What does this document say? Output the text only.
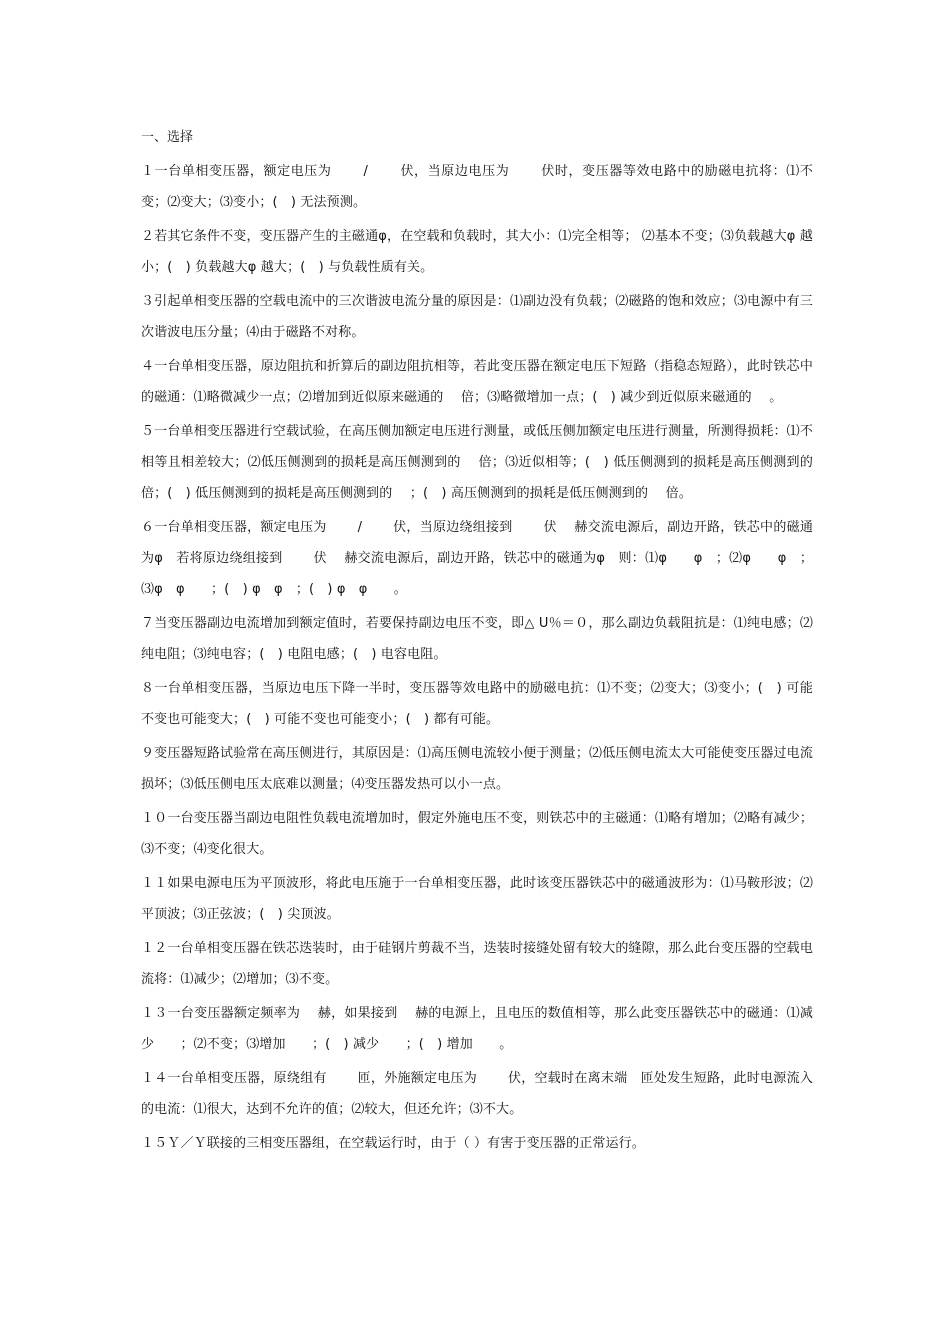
一、选择
１一台单相变压器，额定电压为　　 /　　 伏，当原边电压为　　 伏时，变压器等效电路中的励磁电抗将：⑴不变；⑵变大；⑶变小；(　) 无法预测。
２若其它条件不变，变压器产生的主磁通φ，在空载和负载时，其大小：⑴完全相等； ⑵基本不变；⑶负载越大φ 越小；(　) 负载越大φ 越大；(　) 与负载性质有关。
３引起单相变压器的空载电流中的三次谐波电流分量的原因是：⑴副边没有负载；⑵磁路的饱和效应；⑶电源中有三次谐波电压分量；⑷由于磁路不对称。
４一台单相变压器，原边阻抗和折算后的副边阻抗相等，若此变压器在额定电压下短路（指稳态短路），此时铁芯中的磁通：⑴略微减少一点；⑵增加到近似原来磁通的　 倍；⑶略微增加一点；(　) 减少到近似原来磁通的　 。
５一台单相变压器进行空载试验，在高压侧加额定电压进行测量，或低压侧加额定电压进行测量，所测得损耗：⑴不相等且相差较大；⑵低压侧测到的损耗是高压侧测到的　 倍；⑶近似相等；(　) 低压侧测到的损耗是高压侧测到的　 倍；(　) 低压侧测到的损耗是高压侧测到的　 ；(　) 高压侧测到的损耗是低压侧测到的　 倍。
６一台单相变压器，额定电压为　　 /　　 伏，当原边绕组接到　　 伏　 赫交流电源后，副边开路，铁芯中的磁通为φ　若将原边绕组接到　　 伏　 赫交流电源后，副边开路，铁芯中的磁通为φ　则：⑴φ　　φ　；⑵φ　　φ　；⑶φ　φ　　；(　) φ　φ　；(　) φ　φ　　。
７当变压器副边电流增加到额定值时，若要保持副边电压不变，即△ U％＝０，那么副边负载阻抗是：⑴纯电感；⑵纯电阻；⑶纯电容；(　) 电阻电感；(　) 电容电阻。
８一台单相变压器，当原边电压下降一半时，变压器等效电路中的励磁电抗：⑴不变；⑵变大；⑶变小；(　) 可能不变也可能变大；(　) 可能不变也可能变小；(　) 都有可能。
９变压器短路试验常在高压侧进行，其原因是：⑴高压侧电流较小便于测量；⑵低压侧电流太大可能使变压器过电流损坏；⑶低压侧电压太底难以测量；⑷变压器发热可以小一点。
１０一台变压器当副边电阻性负载电流增加时，假定外施电压不变，则铁芯中的主磁通：⑴略有增加；⑵略有减少；⑶不变；⑷变化很大。
１１如果电源电压为平顶波形，将此电压施于一台单相变压器，此时该变压器铁芯中的磁通波形为：⑴马鞍形波；⑵平顶波；⑶正弦波；(　) 尖顶波。
１２一台单相变压器在铁芯迭装时，由于硅钢片剪裁不当，迭装时接缝处留有较大的缝隙，那么此台变压器的空载电流将：⑴减少；⑵增加；⑶不变。
１３一台变压器额定频率为　 赫，如果接到　 赫的电源上，且电压的数值相等，那么此变压器铁芯中的磁通：⑴减少　　；⑵不变；⑶增加　　；(　) 减少　　；(　) 增加　　。
１４一台单相变压器，原绕组有　　 匝，外施额定电压为　　 伏，空载时在离末端　匝处发生短路，此时电源流入的电流：⑴很大，达到不允许的值；⑵较大，但还允许；⑶不大。
１５Ｙ／Ｙ联接的三相变压器组，在空载运行时，由于（ ）有害于变压器的正常运行。
